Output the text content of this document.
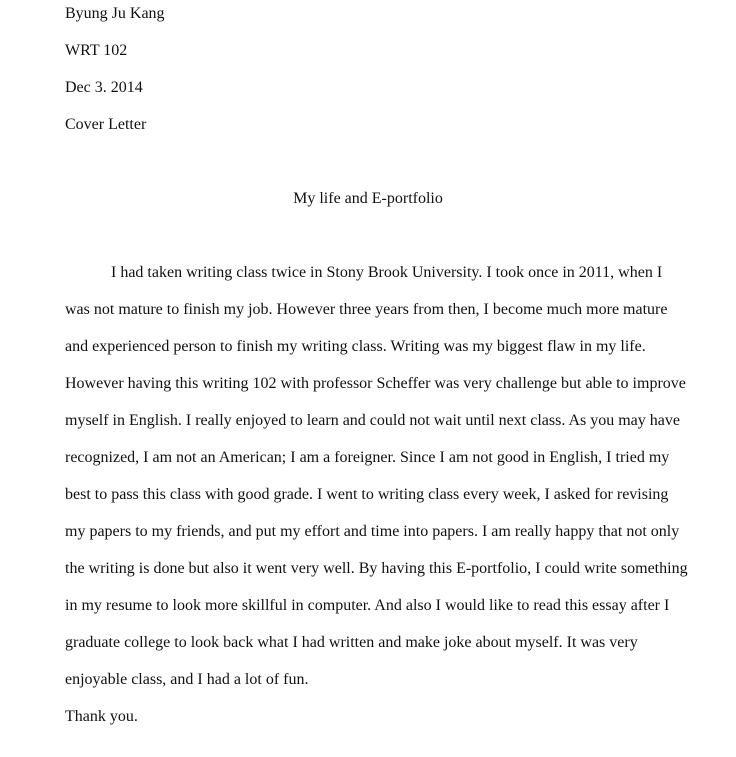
Byung Ju Kang
WRT 102
Dec 3. 2014
Cover Letter
My life and E-portfolio
I had taken writing class twice in Stony Brook University. I took once in 2011, when I
was not mature to finish my job. However three years from then, I become much more mature
and experienced person to finish my writing class. Writing was my biggest flaw in my life.
However having this writing 102 with professor Scheffer was very challenge but able to improve
myself in English. I really enjoyed to learn and could not wait until next class. As you may have
recognized, I am not an American; I am a foreigner. Since I am not good in English, I tried my
best to pass this class with good grade. I went to writing class every week, I asked for revising
my papers to my friends, and put my effort and time into papers. I am really happy that not only
the writing is done but also it went very well. By having this E-portfolio, I could write something
in my resume to look more skillful in computer. And also I would like to read this essay after I
graduate college to look back what I had written and make joke about myself. It was very
enjoyable class, and I had a lot of fun.
Thank you.
